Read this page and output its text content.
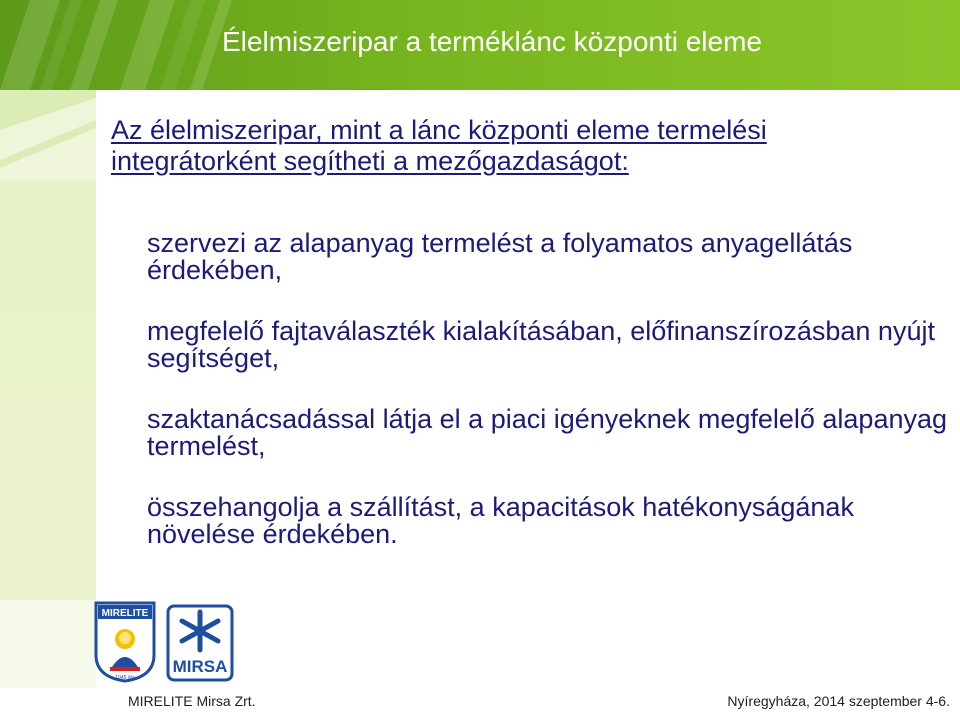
Élelmiszeripar a terméklánc központi eleme
Az élelmiszeripar, mint a lánc központi eleme termelési integrátorként segítheti a mezőgazdaságot:
szervezi az alapanyag termelést a folyamatos anyagellátás érdekében,
megfelelő fajtaválaszték kialakításában, előfinanszírozásban nyújt segítséget,
szaktanácsadással látja el a piaci igényeknek megfelelő alapanyag termelést,
összehangolja a szállítást, a kapacitások hatékonyságának növelése érdekében.
MIRELITE
1945 óta
MIRSA
MIRELITE Mirsa Zrt.	Nyíregyháza, 2014 szeptember 4-6.
